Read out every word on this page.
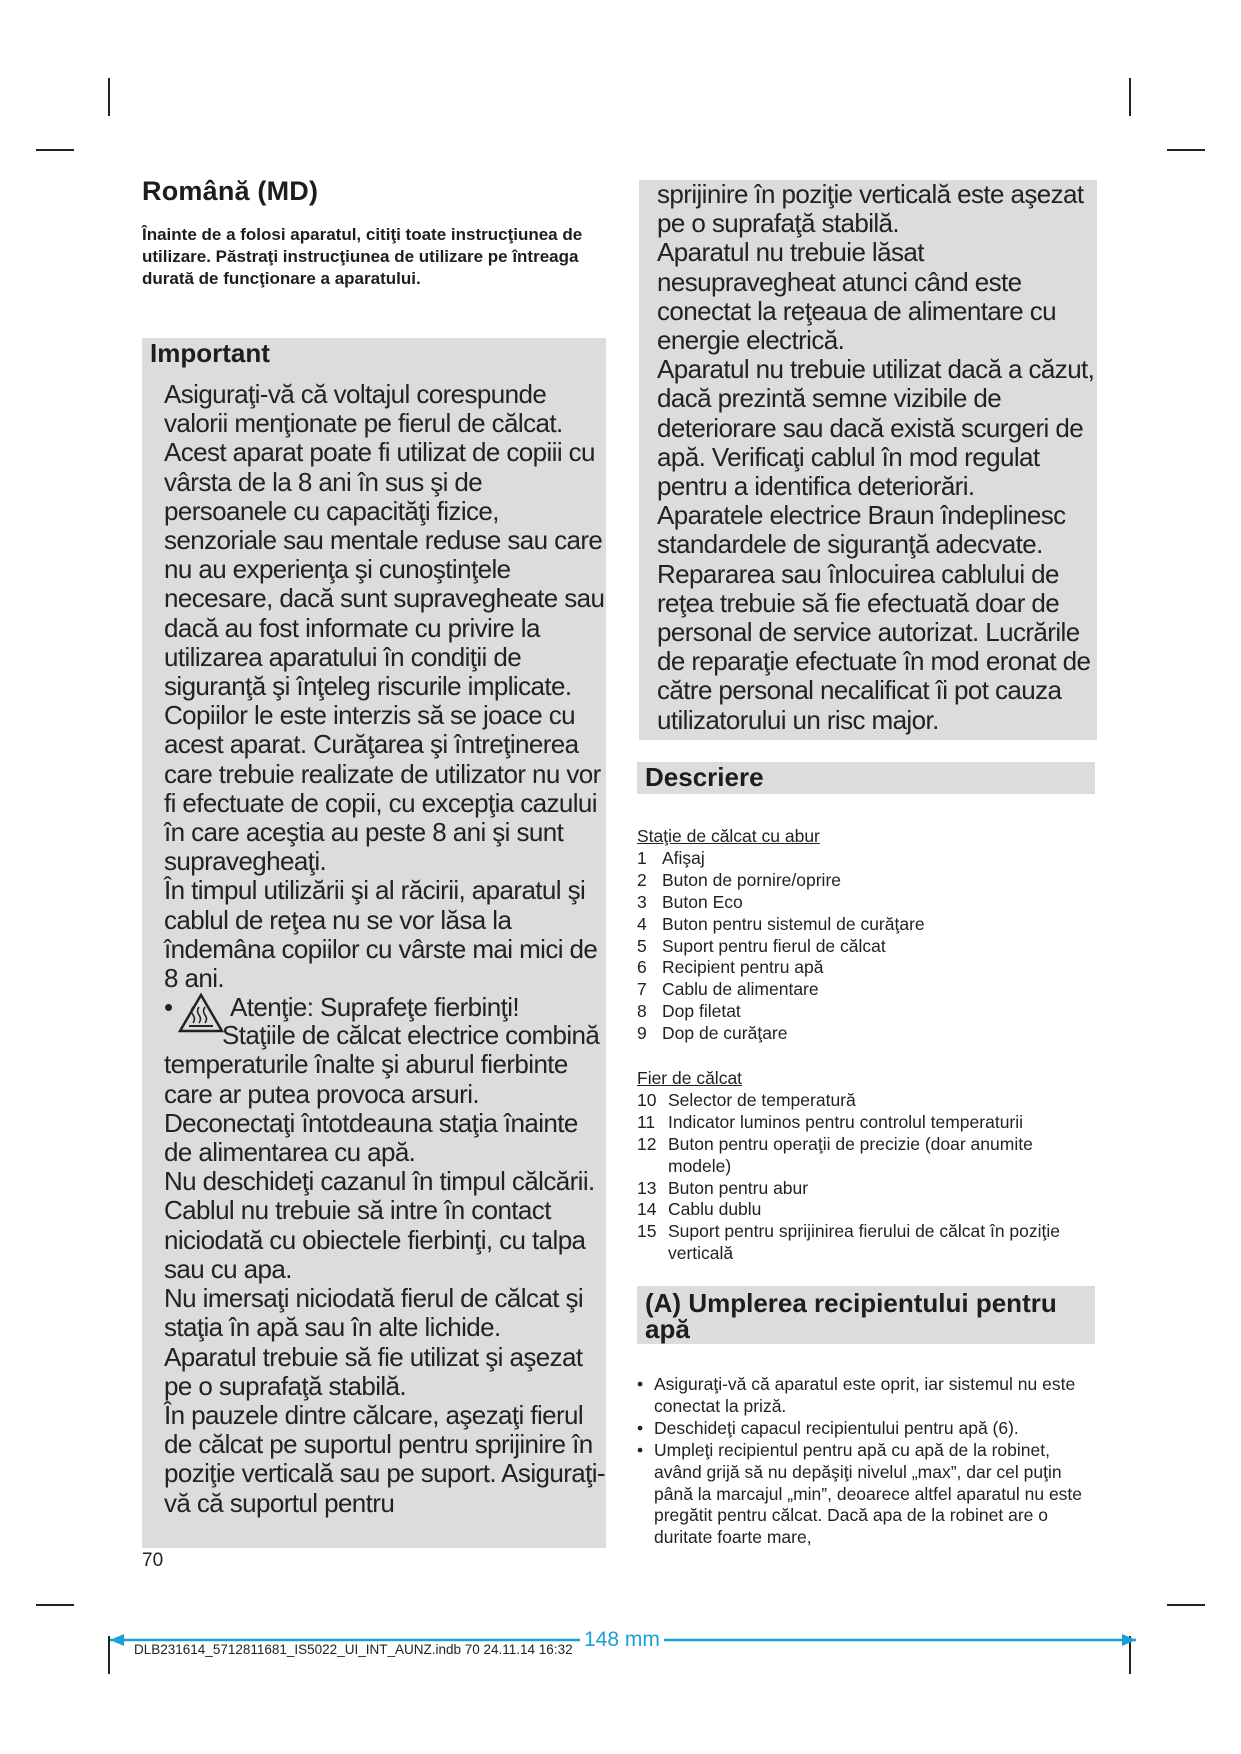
Română (MD)
Înainte de a folosi aparatul, citiţi toate instrucţiunea de utilizare. Păstraţi instrucţiunea de utilizare pe întreaga durată de funcţionare a aparatului.
Important

Asiguraţi-vă că voltajul corespunde valorii menţionate pe fierul de călcat.

Acest aparat poate fi utilizat de copiii cu vârsta de la 8 ani în sus şi de persoanele cu capacităţi fizice, senzoriale sau mentale reduse sau care nu au experienţa şi cunoştinţele necesare, dacă sunt supravegheate sau dacă au fost informate cu privire la utilizarea aparatului în condiţii de siguranţă şi înţeleg riscurile implicate. Copiilor le este interzis să se joace cu acest aparat. Curăţarea şi întreţinerea care trebuie realizate de utilizator nu vor fi efectuate de copii, cu excepţia cazului în care aceştia au peste 8 ani şi sunt supravegheaţi.

În timpul utilizării şi al răcirii, aparatul şi cablul de reţea nu se vor lăsa la îndemâna copiilor cu vârste mai mici de 8 ani.

•	Atenţie: Suprafeţe fierbinţi!

Staţiile de călcat electrice combină temperaturile înalte şi aburul fierbinte care ar putea provoca arsuri.

Deconectaţi întotdeauna staţia înainte de alimentarea cu apă.

Nu deschideţi cazanul în timpul călcării.

Cablul nu trebuie să intre în contact niciodată cu obiectele fierbinţi, cu talpa sau cu apa.

Nu imersaţi niciodată fierul de călcat şi staţia în apă sau în alte lichide.

Aparatul trebuie să fie utilizat şi aşezat pe o suprafaţă stabilă.

În pauzele dintre călcare, aşezaţi fierul de călcat pe suportul pentru sprijinire în poziţie verticală sau pe suport. Asiguraţi-vă că suportul pentru

sprijinire în poziţie verticală este aşezat pe o suprafaţă stabilă.

Aparatul nu trebuie lăsat nesupravegheat atunci când este conectat la reţeaua de alimentare cu energie electrică.

Aparatul nu trebuie utilizat dacă a căzut, dacă prezintă semne vizibile de deteriorare sau dacă există scurgeri de apă. Verificaţi cablul în mod regulat pentru a identifica deteriorări.

Aparatele electrice Braun îndeplinesc standardele de siguranţă adecvate. Repararea sau înlocuirea cablului de reţea trebuie să fie efectuată doar de personal de service autorizat. Lucrările de reparaţie efectuate în mod eronat de către personal necalificat îi pot cauza utilizatorului un risc major.

Descriere
Staţie de călcat cu abur
1 Afişaj
2 Buton de pornire/oprire
3 Buton Eco
4 Buton pentru sistemul de curăţare
5 Suport pentru fierul de călcat
6 Recipient pentru apă
7 Cablu de alimentare
8 Dop filetat
9 Dop de curăţare
Fier de călcat
10 Selector de temperatură
11 Indicator luminos pentru controlul temperaturii
12 Buton pentru operaţii de precizie (doar anumite modele)
13 Buton pentru abur
14 Cablu dublu
15 Suport pentru sprijinirea fierului de călcat în poziţie verticală
(A) Umplerea recipientului pentru apă
• Asiguraţi-vă că aparatul este oprit, iar sistemul nu este conectat la priză.
• Deschideţi capacul recipientului pentru apă (6).
• Umpleţi recipientul pentru apă cu apă de la robinet, având grijă să nu depăşiţi nivelul „max”, dar cel puţin până la marcajul „min”, deoarece altfel aparatul nu este pregătit pentru călcat. Dacă apa de la robinet are o duritate foarte mare,
70
148 mm
DLB231614_5712811681_IS5022_UI_INT_AUNZ.indb 70 24.11.14 16:32
